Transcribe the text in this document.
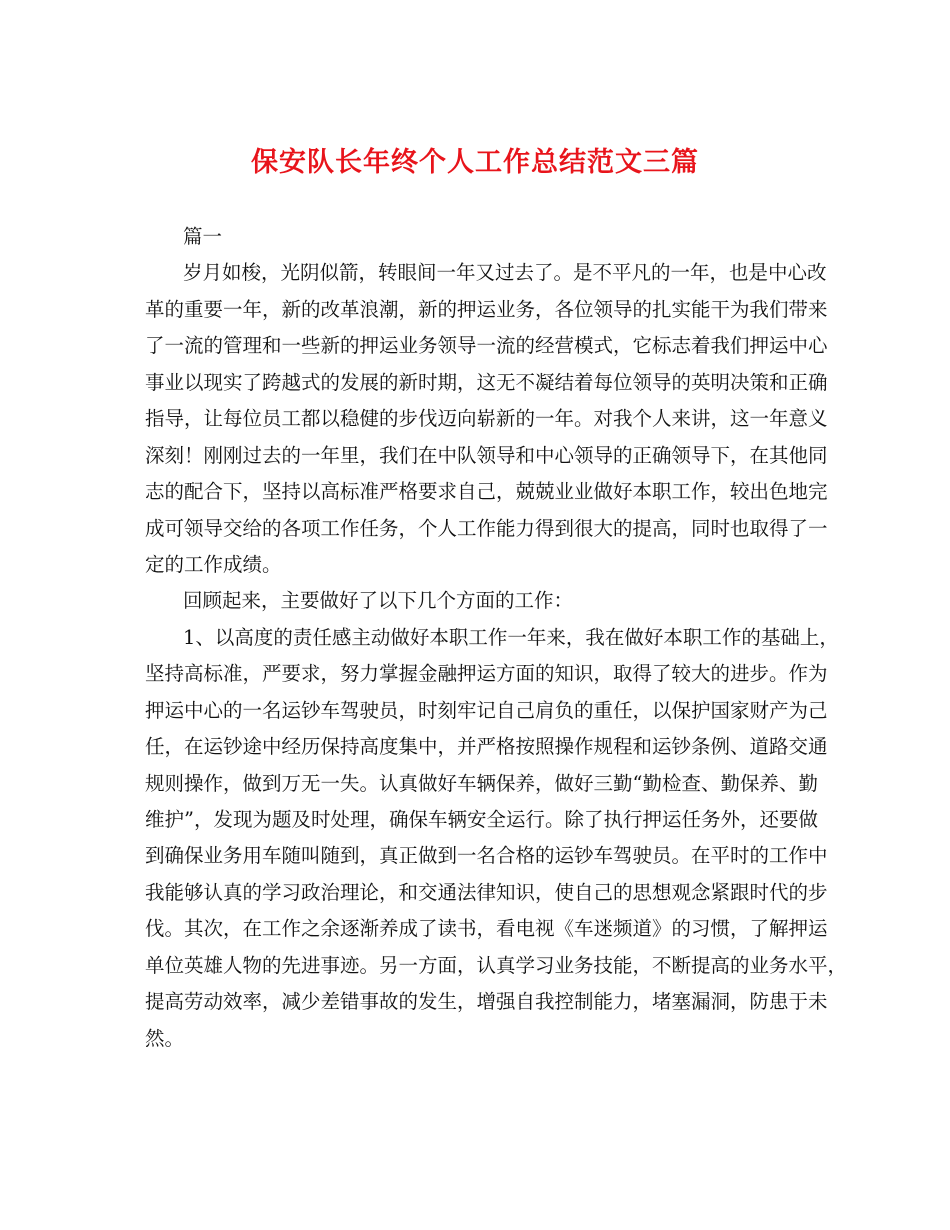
保安队长年终个人工作总结范文三篇
篇一
岁月如梭，光阴似箭，转眼间一年又过去了。是不平凡的一年，也是中心改
革的重要一年，新的改革浪潮，新的押运业务，各位领导的扎实能干为我们带来
了一流的管理和一些新的押运业务领导一流的经营模式，它标志着我们押运中心
事业以现实了跨越式的发展的新时期，这无不凝结着每位领导的英明决策和正确
指导，让每位员工都以稳健的步伐迈向崭新的一年。对我个人来讲，这一年意义
深刻！刚刚过去的一年里，我们在中队领导和中心领导的正确领导下，在其他同
志的配合下，坚持以高标准严格要求自己，兢兢业业做好本职工作，较出色地完
成可领导交给的各项工作任务，个人工作能力得到很大的提高，同时也取得了一
定的工作成绩。
回顾起来，主要做好了以下几个方面的工作：
1、以高度的责任感主动做好本职工作一年来，我在做好本职工作的基础上，
坚持高标准，严要求，努力掌握金融押运方面的知识，取得了较大的进步。作为
押运中心的一名运钞车驾驶员，时刻牢记自己肩负的重任，以保护国家财产为己
任，在运钞途中经历保持高度集中，并严格按照操作规程和运钞条例、道路交通
规则操作，做到万无一失。认真做好车辆保养，做好三勤“勤检查、勤保养、勤
维护”，发现为题及时处理，确保车辆安全运行。除了执行押运任务外，还要做
到确保业务用车随叫随到，真正做到一名合格的运钞车驾驶员。在平时的工作中
我能够认真的学习政治理论，和交通法律知识，使自己的思想观念紧跟时代的步
伐。其次，在工作之余逐渐养成了读书，看电视《车迷频道》的习惯，了解押运
单位英雄人物的先进事迹。另一方面，认真学习业务技能，不断提高的业务水平，
提高劳动效率，减少差错事故的发生，增强自我控制能力，堵塞漏洞，防患于未
然。
